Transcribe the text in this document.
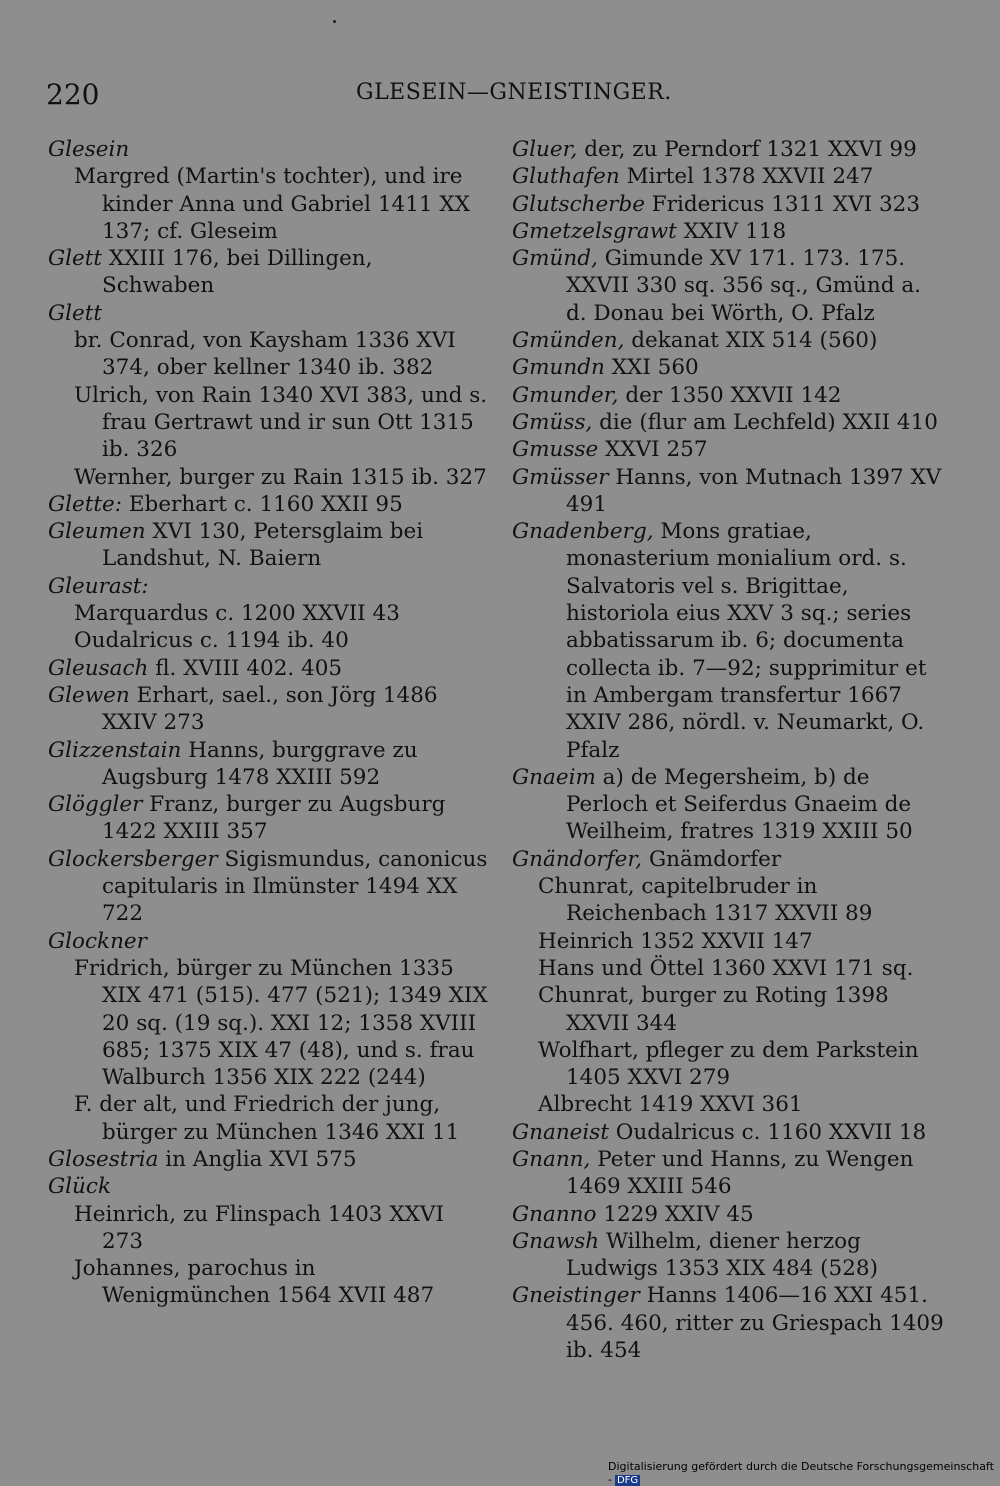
220	GLESEIN—GNEISTINGER.
Glesein
Margred (Martin's tochter), und ire kinder Anna und Gabriel 1411 XX 137; cf. Gleseim
Glett XXIII 176, bei Dillingen, Schwaben
Glett
br. Conrad, von Kaysham 1336 XVI 374, ober kellner 1340 ib. 382
Ulrich, von Rain 1340 XVI 383, und s. frau Gertrawt und ir sun Ott 1315 ib. 326
Wernher, burger zu Rain 1315 ib. 327
Glette: Eberhart c. 1160 XXII 95
Gleumen XVI 130, Petersglaim bei Landshut, N. Baiern
Gleurast:
Marquardus c. 1200 XXVII 43
Oudalricus c. 1194 ib. 40
Gleusach fl. XVIII 402. 405
Glewen Erhart, sael., son Jörg 1486 XXIV 273
Glizzenstain Hanns, burggrave zu Augsburg 1478 XXIII 592
Glöggler Franz, burger zu Augsburg 1422 XXIII 357
Glockersberger Sigismundus, canonicus capitularis in Ilmünster 1494 XX 722
Glockner
Fridrich, bürger zu München 1335 XIX 471 (515). 477 (521); 1349 XIX 20 sq. (19 sq.). XXI 12; 1358 XVIII 685; 1375 XIX 47 (48), und s. frau Walburch 1356 XIX 222 (244)
F. der alt, und Friedrich der jung, bürger zu München 1346 XXI 11
Glosestria in Anglia XVI 575
Glück
Heinrich, zu Flinspach 1403 XXVI 273
Johannes, parochus in Wenigmünchen 1564 XVII 487
Gluer, der, zu Perndorf 1321 XXVI 99
Gluthafen Mirtel 1378 XXVII 247
Glutscherbe Fridericus 1311 XVI 323
Gmetzelsgrawt XXIV 118
Gmünd, Gimunde XV 171. 173. 175. XXVII 330 sq. 356 sq., Gmünd a. d. Donau bei Wörth, O. Pfalz
Gmünden, dekanat XIX 514 (560)
Gmundn XXI 560
Gmunder, der 1350 XXVII 142
Gmüss, die (flur am Lechfeld) XXII 410
Gmusse XXVI 257
Gmüsser Hanns, von Mutnach 1397 XV 491
Gnadenberg, Mons gratiae, monasterium monialium ord. s. Salvatoris vel s. Brigittae, historiola eius XXV 3 sq.; series abbatissarum ib. 6; documenta collecta ib. 7—92; supprimitur et in Ambergam transfertur 1667 XXIV 286, nördl. v. Neumarkt, O. Pfalz
Gnaeim a) de Megersheim, b) de Perloch et Seiferdus Gnaeim de Weilheim, fratres 1319 XXIII 50
Gnändorfer, Gnämdorfer
Chunrat, capitelbruder in Reichenbach 1317 XXVII 89
Heinrich 1352 XXVII 147
Hans und Öttel 1360 XXVI 171 sq.
Chunrat, burger zu Roting 1398 XXVII 344
Wolfhart, pfleger zu dem Parkstein 1405 XXVI 279
Albrecht 1419 XXVI 361
Gnaneist Oudalricus c. 1160 XXVII 18
Gnann, Peter und Hanns, zu Wengen 1469 XXIII 546
Gnanno 1229 XXIV 45
Gnawsh Wilhelm, diener herzog Ludwigs 1353 XIX 484 (528)
Gneistinger Hanns 1406—16 XXI 451. 456. 460, ritter zu Griespach 1409 ib. 454
Digitalisierung gefördert durch die Deutsche Forschungsgemeinschaft - DFG
